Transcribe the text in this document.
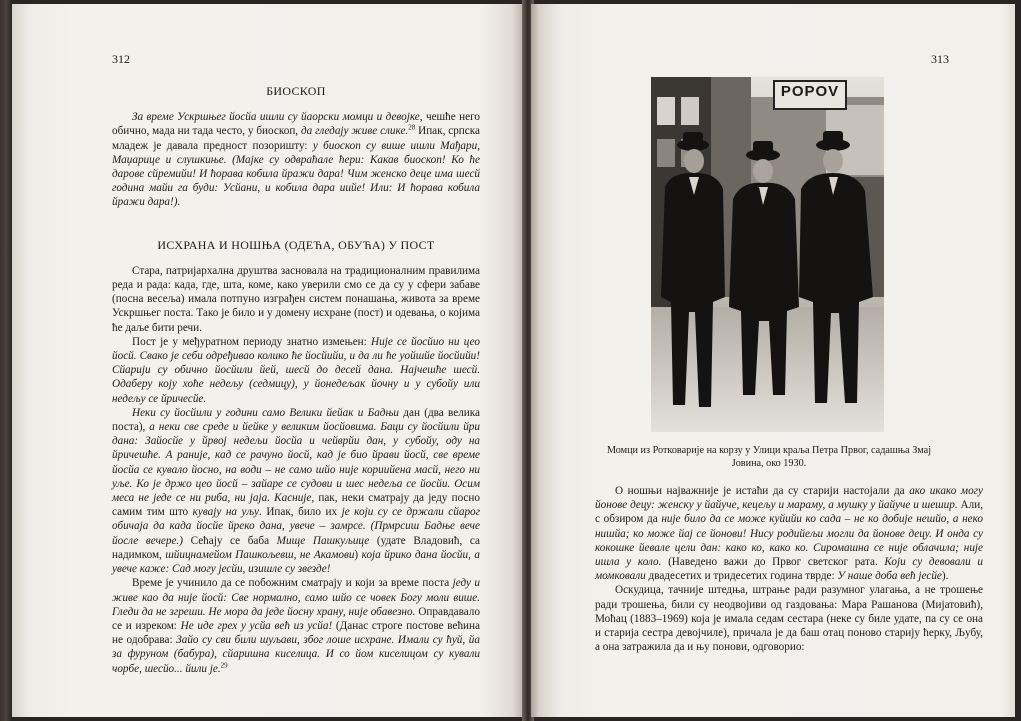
312

БИОСКОП

За време Ускршњег йосйа ишли су йаорски момци и девојке, чешће него обично, мада ни тада често, у биоскоп, да гледају живе слике.$^{28}$ Ипак, српска младеж је давала предност позоришту: у биоскоп су више ишли Мађари, Маџарице и слушкиње. (Мајке су одвраћале ћери: Какав биоскоп! Ко ће дарове сйремийи! И ћорава кобила йражи дара! Чим женско деце има шесй година майи га буди: Усйани, и кобила дара иийе! Или: И ћорава кобила йражи дара!).

ИСХРАНА И НОШЊА (ОДЕЋА, ОБУЋА) У ПОСТ

Стара, патријархална друштва засновала на традиционалним правилима реда и рада: када, где, шта, коме, како уверили смо се да су у сфери забаве (посна весеља) имала потпуно изграђен систем понашања, живота за време Ускршњег поста. Тако је било и у домену исхране (пост) и одевања, о којима ће даље бити речи.

Пост је у међуратном периоду знатно измењен: Није се йосйио ни цео йосй. Свако је себи одређивао колико ће йосйийи, и да ли ће уойшйе йосйийи! Сйарији су обично йосйили йей, шесй до десей дана. Најчешће шесй. Одаберу коју хоће недељу (седмицу), у йонедељак йочну и у субойу или недељу се йричесйе.

Неки су йосйили у години само Велики йейак и Бадњи дан (два велика поста), а неки све среде и йейке у великим йосйовима. Баци су йосйили йри дана: Зайосйе у йрвој недељи йосйа и чейврйи дан, у субойу, оду на йричешће. А раније, кад се рачуно йосй, кад је био йрави йосй, све време йосйа се кувало йосно, на води – не само шйо није кориийена масй, него ни уље. Ко је држо цео йосй – зайаре се судови и шес недеља се йосйи. Осим меса не једе се ни риба, ни јаја. Касније, пак, неки сматрају да једу посно самим тим што кувају на уљу. Ипак, било их је који су се држали сйарог обичаја да када йосйе йреко дана, увече – замрсе. (Прмрсиш Бадње вече йосле вечере.) Сећају се баба Мище Пашкуљице (удате Владовић, са надимком, шйицнамейом Пашкољевш, не Акамови) која йрико дана йосйи, а увече каже: Сад могу јесйи, изишле су звезде!

Време је учинило да се побожним сматрају и који за време поста једу и живе као да није йосй: Све нормално, само шйо се човек Богу моли више. Гледи да не згреши. Не мора да једе йосну храну, није обавезно. Оправдавало се и изреком: Не иде грех у усйа већ из усйа! (Данас строге постове већина не одобрава: Зайо су сви били шуљави, због лоше исхране. Имали су ћуй, йа за фуруном (бабура), сйаришна киселица. И со йом киселицом су кували чорбе, шесйо... йили је.$^{29}$

313
POPOV
Момци из Ротковарије на корзу у Улици краља Петра Првог, садашња Змај Јовина, око 1930.

О ношњи најважније је истаћи да су старији настојали да ако икако могу йонове децу: женску у йайуче, кецељу и мараму, а мушку у йайуче и шешир. Али, с обзиром да није било да се може куйийи ко сада – не ко добије нешйо, а неко нишйа; ко може йај се йонови! Нису родийељи могли да йонове децу. И онда су кокошке йевале цели дан: како ко, како ко. Сиромашна се није облачила; није ишла у коло. (Наведено важи до Првог светског рата. Који су девовали и момковали двадесетих и тридесетих година тврде: У наше доба већ јесйе).

Оскудица, тачније штедња, штрање ради разумног улагања, а не трошење ради трошења, били су неодвојиви од газдовања: Мара Рашанова (Мијатовић), Моћац (1883–1969) која је имала седам сестара (неке су биле удате, па су се она и старија сестра девојчиле), причала је да баш отац поново старију ћерку, Љубу, а она затражила да и њу понови, одговорио:
